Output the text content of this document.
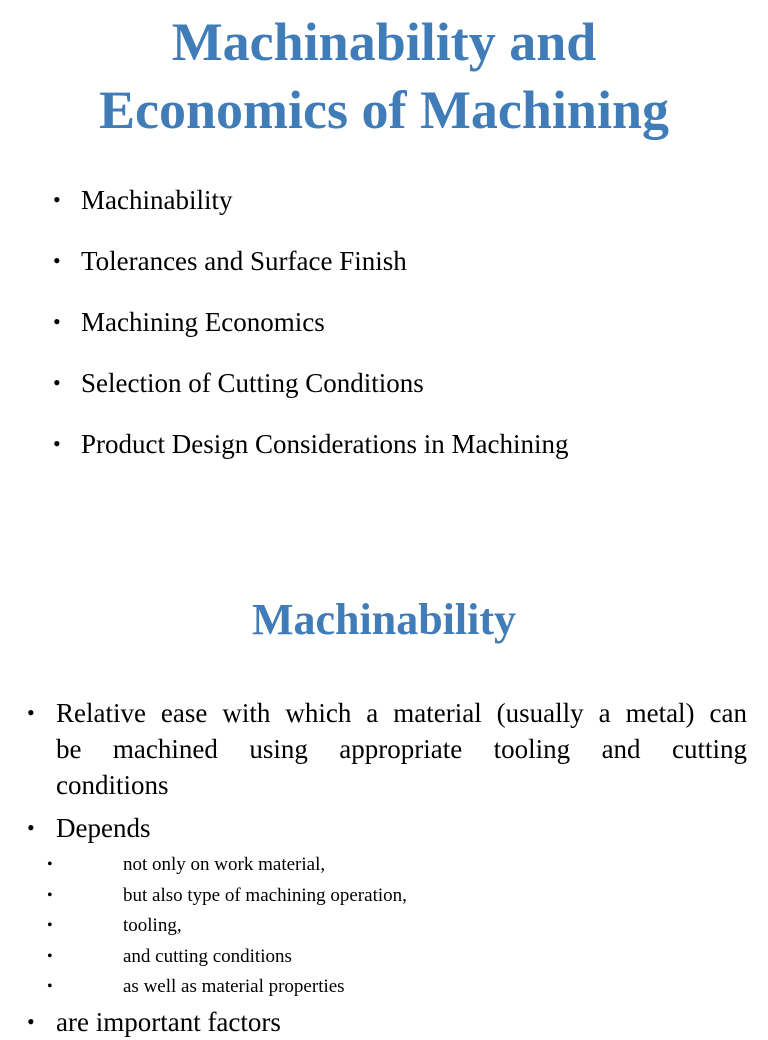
Machinability and
Economics of Machining
• Machinability
• Tolerances and Surface Finish
• Machining Economics
• Selection of Cutting Conditions
• Product Design Considerations in Machining
Machinability
• Relative ease with which a material (usually a metal) can
be machined using appropriate tooling and cutting
conditions
• Depends
•	not only on work material,
•	but also type of machining operation,
•	tooling,
•	and cutting conditions
•	as well as material properties
• are important factors
